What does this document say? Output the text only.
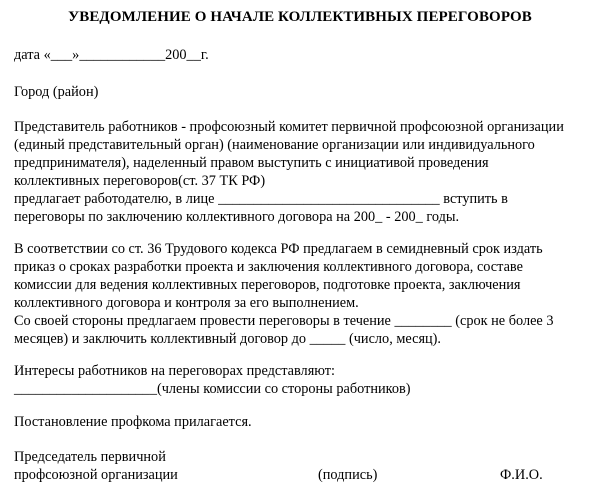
УВЕДОМЛЕНИЕ О НАЧАЛЕ КОЛЛЕКТИВНЫХ ПЕРЕГОВОРОВ
дата «___»____________200__г.
Город (район)
Представитель работников - профсоюзный комитет первичной профсоюзной организации
(единый представительный орган) (наименование организации или индивидуального
предпринимателя), наделенный правом выступить с инициативой проведения
коллективных переговоров(ст. 37 ТК РФ)
предлагает работодателю, в лице _______________________________ вступить в
переговоры по заключению коллективного договора на 200_ - 200_ годы.
В соответствии со ст. 36 Трудового кодекса РФ предлагаем в семидневный срок издать
приказ о сроках разработки проекта и заключения коллективного договора, составе
комиссии для ведения коллективных переговоров, подготовке проекта, заключения
коллективного договора и контроля за его выполнением.
Со своей стороны предлагаем провести переговоры в течение ________ (срок не более 3
месяцев) и заключить коллективный договор до _____ (число, месяц).
Интересы работников на переговорах представляют:
____________________(члены комиссии со стороны работников)
Постановление профкома прилагается.
Председатель первичной
профсоюзной организации	(подпись)	Ф.И.О.
